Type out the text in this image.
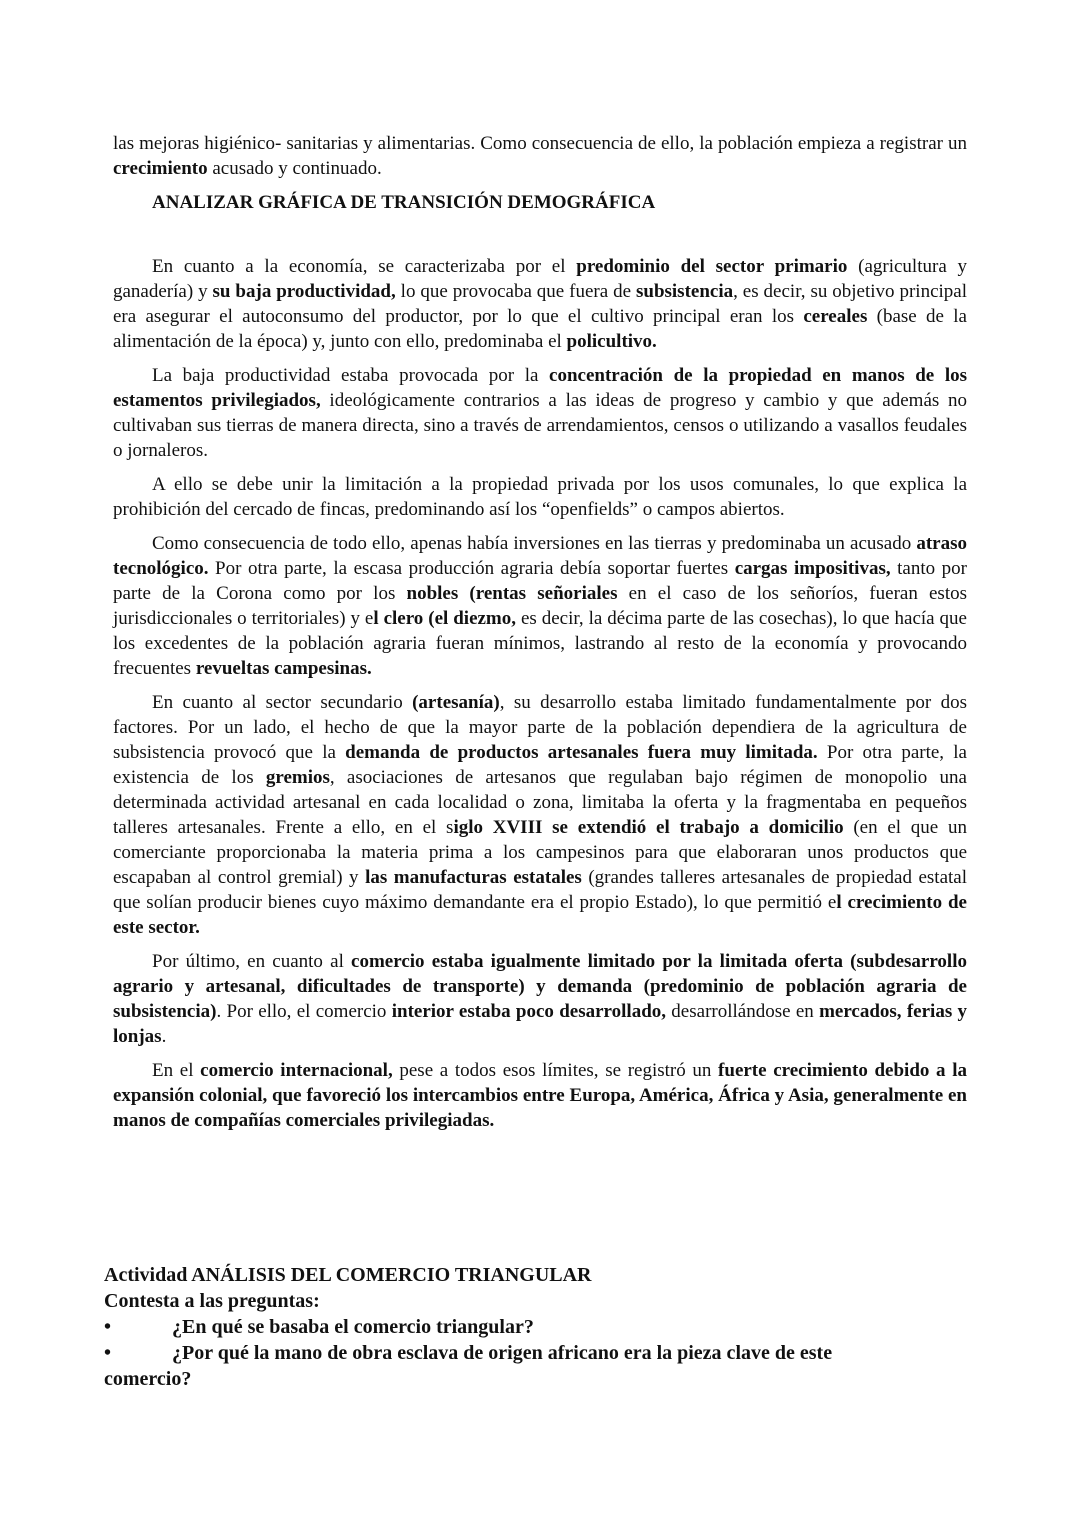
las mejoras higiénico- sanitarias y alimentarias. Como consecuencia de ello, la población empieza a registrar un crecimiento acusado y continuado.

ANALIZAR GRÁFICA DE TRANSICIÓN DEMOGRÁFICA

En cuanto a la economía, se caracterizaba por el predominio del sector primario (agricultura y ganadería) y su baja productividad, lo que provocaba que fuera de subsistencia, es decir, su objetivo principal era asegurar el autoconsumo del productor, por lo que el cultivo principal eran los cereales (base de la alimentación de la época) y, junto con ello, predominaba el policultivo.

La baja productividad estaba provocada por la concentración de la propiedad en manos de los estamentos privilegiados, ideológicamente contrarios a las ideas de progreso y cambio y que además no cultivaban sus tierras de manera directa, sino a través de arrendamientos, censos o utilizando a vasallos feudales o jornaleros.

A ello se debe unir la limitación a la propiedad privada por los usos comunales, lo que explica la prohibición del cercado de fincas, predominando así los “openfields” o campos abiertos.

Como consecuencia de todo ello, apenas había inversiones en las tierras y predominaba un acusado atraso tecnológico. Por otra parte, la escasa producción agraria debía soportar fuertes cargas impositivas, tanto por parte de la Corona como por los nobles (rentas señoriales en el caso de los señoríos, fueran estos jurisdiccionales o territoriales) y el clero (el diezmo, es decir, la décima parte de las cosechas), lo que hacía que los excedentes de la población agraria fueran mínimos, lastrando al resto de la economía y provocando frecuentes revueltas campesinas.

En cuanto al sector secundario (artesanía), su desarrollo estaba limitado fundamentalmente por dos factores. Por un lado, el hecho de que la mayor parte de la población dependiera de la agricultura de subsistencia provocó que la demanda de productos artesanales fuera muy limitada. Por otra parte, la existencia de los gremios, asociaciones de artesanos que regulaban bajo régimen de monopolio una determinada actividad artesanal en cada localidad o zona, limitaba la oferta y la fragmentaba en pequeños talleres artesanales. Frente a ello, en el siglo XVIII se extendió el trabajo a domicilio (en el que un comerciante proporcionaba la materia prima a los campesinos para que elaboraran unos productos que escapaban al control gremial) y las manufacturas estatales (grandes talleres artesanales de propiedad estatal que solían producir bienes cuyo máximo demandante era el propio Estado), lo que permitió el crecimiento de este sector.

Por último, en cuanto al comercio estaba igualmente limitado por la limitada oferta (subdesarrollo agrario y artesanal, dificultades de transporte) y demanda (predominio de población agraria de subsistencia). Por ello, el comercio interior estaba poco desarrollado, desarrollándose en mercados, ferias y lonjas.

En el comercio internacional, pese a todos esos límites, se registró un fuerte crecimiento debido a la expansión colonial, que favoreció los intercambios entre Europa, América, África y Asia, generalmente en manos de compañías comerciales privilegiadas.

Actividad ANÁLISIS DEL COMERCIO TRIANGULAR
Contesta a las preguntas:
•	¿En qué se basaba el comercio triangular?
•	¿Por qué la mano de obra esclava de origen africano era la pieza clave de este
comercio?
